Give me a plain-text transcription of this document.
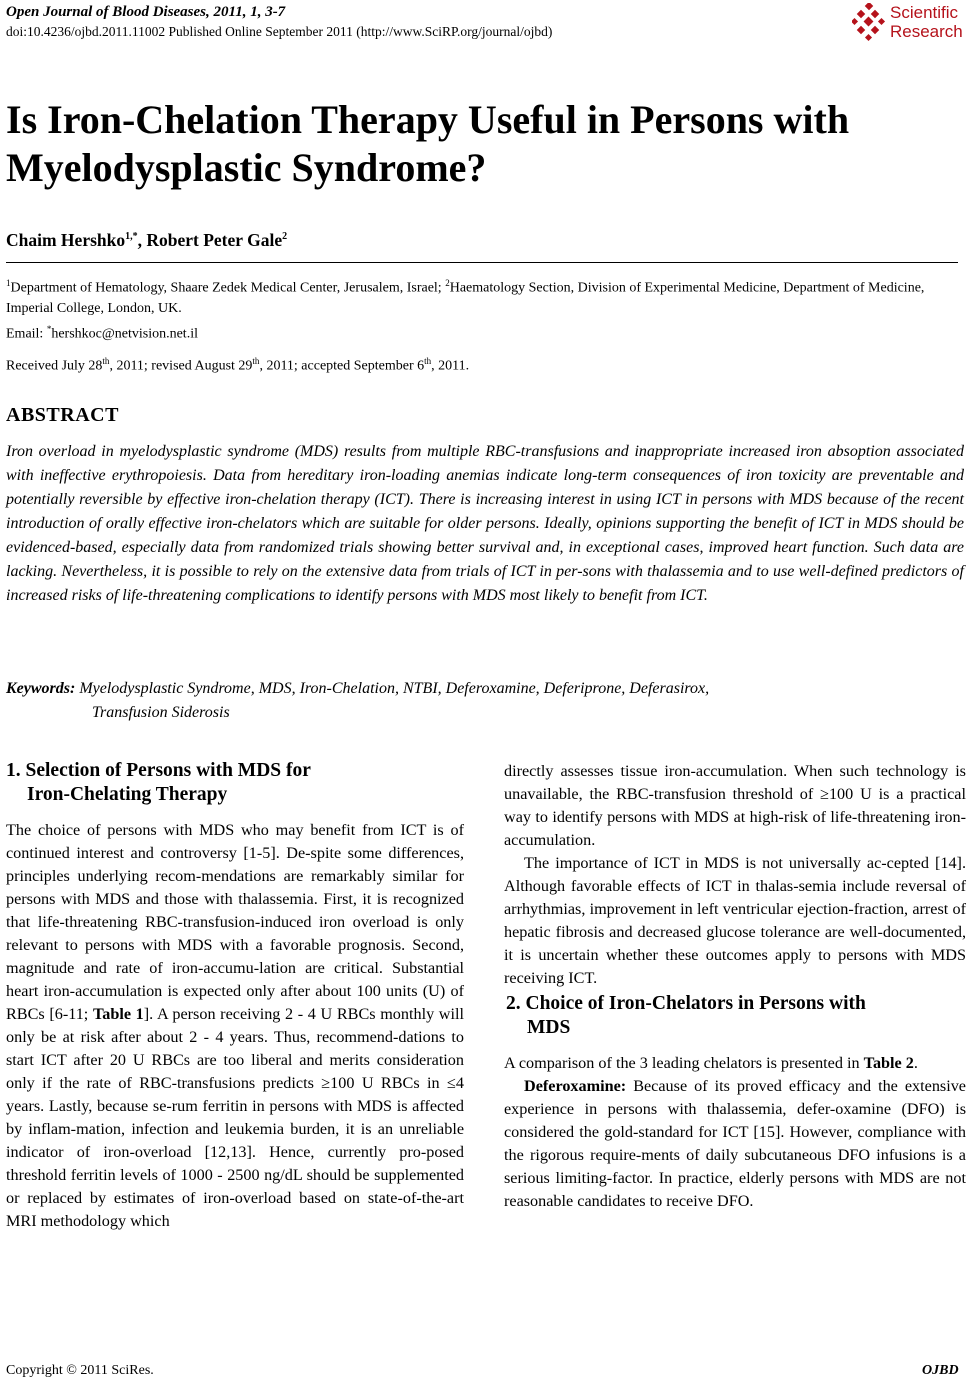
Open Journal of Blood Diseases, 2011, 1, 3-7
doi:10.4236/ojbd.2011.11002 Published Online September 2011 (http://www.SciRP.org/journal/ojbd)
Scientific
Research
Is Iron-Chelation Therapy Useful in Persons with Myelodysplastic Syndrome?
Chaim Hershko$^{1,*}$, Robert Peter Gale$^2$
$^1$Department of Hematology, Shaare Zedek Medical Center, Jerusalem, Israel; $^2$Haematology Section, Division of Experimental Medicine, Department of Medicine, Imperial College, London, UK.
Email: *hershkoc@netvision.net.il
Received July 28th, 2011; revised August 29th, 2011; accepted September 6th, 2011.
ABSTRACT
Iron overload in myelodysplastic syndrome (MDS) results from multiple RBC-transfusions and inappropriate increased iron absoption associated with ineffective erythropoiesis. Data from hereditary iron-loading anemias indicate long-term consequences of iron toxicity are preventable and potentially reversible by effective iron-chelation therapy (ICT). There is increasing interest in using ICT in persons with MDS because of the recent introduction of orally effective iron-chelators which are suitable for older persons. Ideally, opinions supporting the benefit of ICT in MDS should be evidenced-based, especially data from randomized trials showing better survival and, in exceptional cases, improved heart function. Such data are lacking. Nevertheless, it is possible to rely on the extensive data from trials of ICT in per-sons with thalassemia and to use well-defined predictors of increased risks of life-threatening complications to identify persons with MDS most likely to benefit from ICT.
Keywords: Myelodysplastic Syndrome, MDS, Iron-Chelation, NTBI, Deferoxamine, Deferiprone, Deferasirox,
Transfusion Siderosis
1. Selection of Persons with MDS for
Iron-Chelating Therapy

The choice of persons with MDS who may benefit from ICT is of continued interest and controversy [1-5]. De-spite some differences, principles underlying recom-mendations are remarkably similar for persons with MDS and those with thalassemia. First, it is recognized that life-threatening RBC-transfusion-induced iron overload is only relevant to persons with MDS with a favorable prognosis. Second, magnitude and rate of iron-accumu-lation are critical. Substantial heart iron-accumulation is expected only after about 100 units (U) of RBCs [6-11; Table 1]. A person receiving 2 - 4 U RBCs monthly will only be at risk after about 2 - 4 years. Thus, recommend-dations to start ICT after 20 U RBCs are too liberal and merits consideration only if the rate of RBC-transfusions predicts ≥100 U RBCs in ≤4 years. Lastly, because se-rum ferritin in persons with MDS is affected by inflam-mation, infection and leukemia burden, it is an unreliable indicator of iron-overload [12,13]. Hence, currently pro-posed threshold ferritin levels of 1000 - 2500 ng/dL should be supplemented or replaced by estimates of iron-overload based on state-of-the-art MRI methodology which

directly assesses tissue iron-accumulation. When such technology is unavailable, the RBC-transfusion threshold of ≥100 U is a practical way to identify persons with MDS at high-risk of life-threatening iron-accumulation.

The importance of ICT in MDS is not universally ac-cepted [14]. Although favorable effects of ICT in thalas-semia include reversal of arrhythmias, improvement in left ventricular ejection-fraction, arrest of hepatic fibrosis and decreased glucose tolerance are well-documented, it is uncertain whether these outcomes apply to persons with MDS receiving ICT.

2. Choice of Iron-Chelators in Persons with
MDS

A comparison of the 3 leading chelators is presented in Table 2.

Deferoxamine: Because of its proved efficacy and the extensive experience in persons with thalassemia, defer-oxamine (DFO) is considered the gold-standard for ICT [15]. However, compliance with the rigorous require-ments of daily subcutaneous DFO infusions is a serious limiting-factor. In practice, elderly persons with MDS are not reasonable candidates to receive DFO.

Copyright © 2011 SciRes.	OJBD
